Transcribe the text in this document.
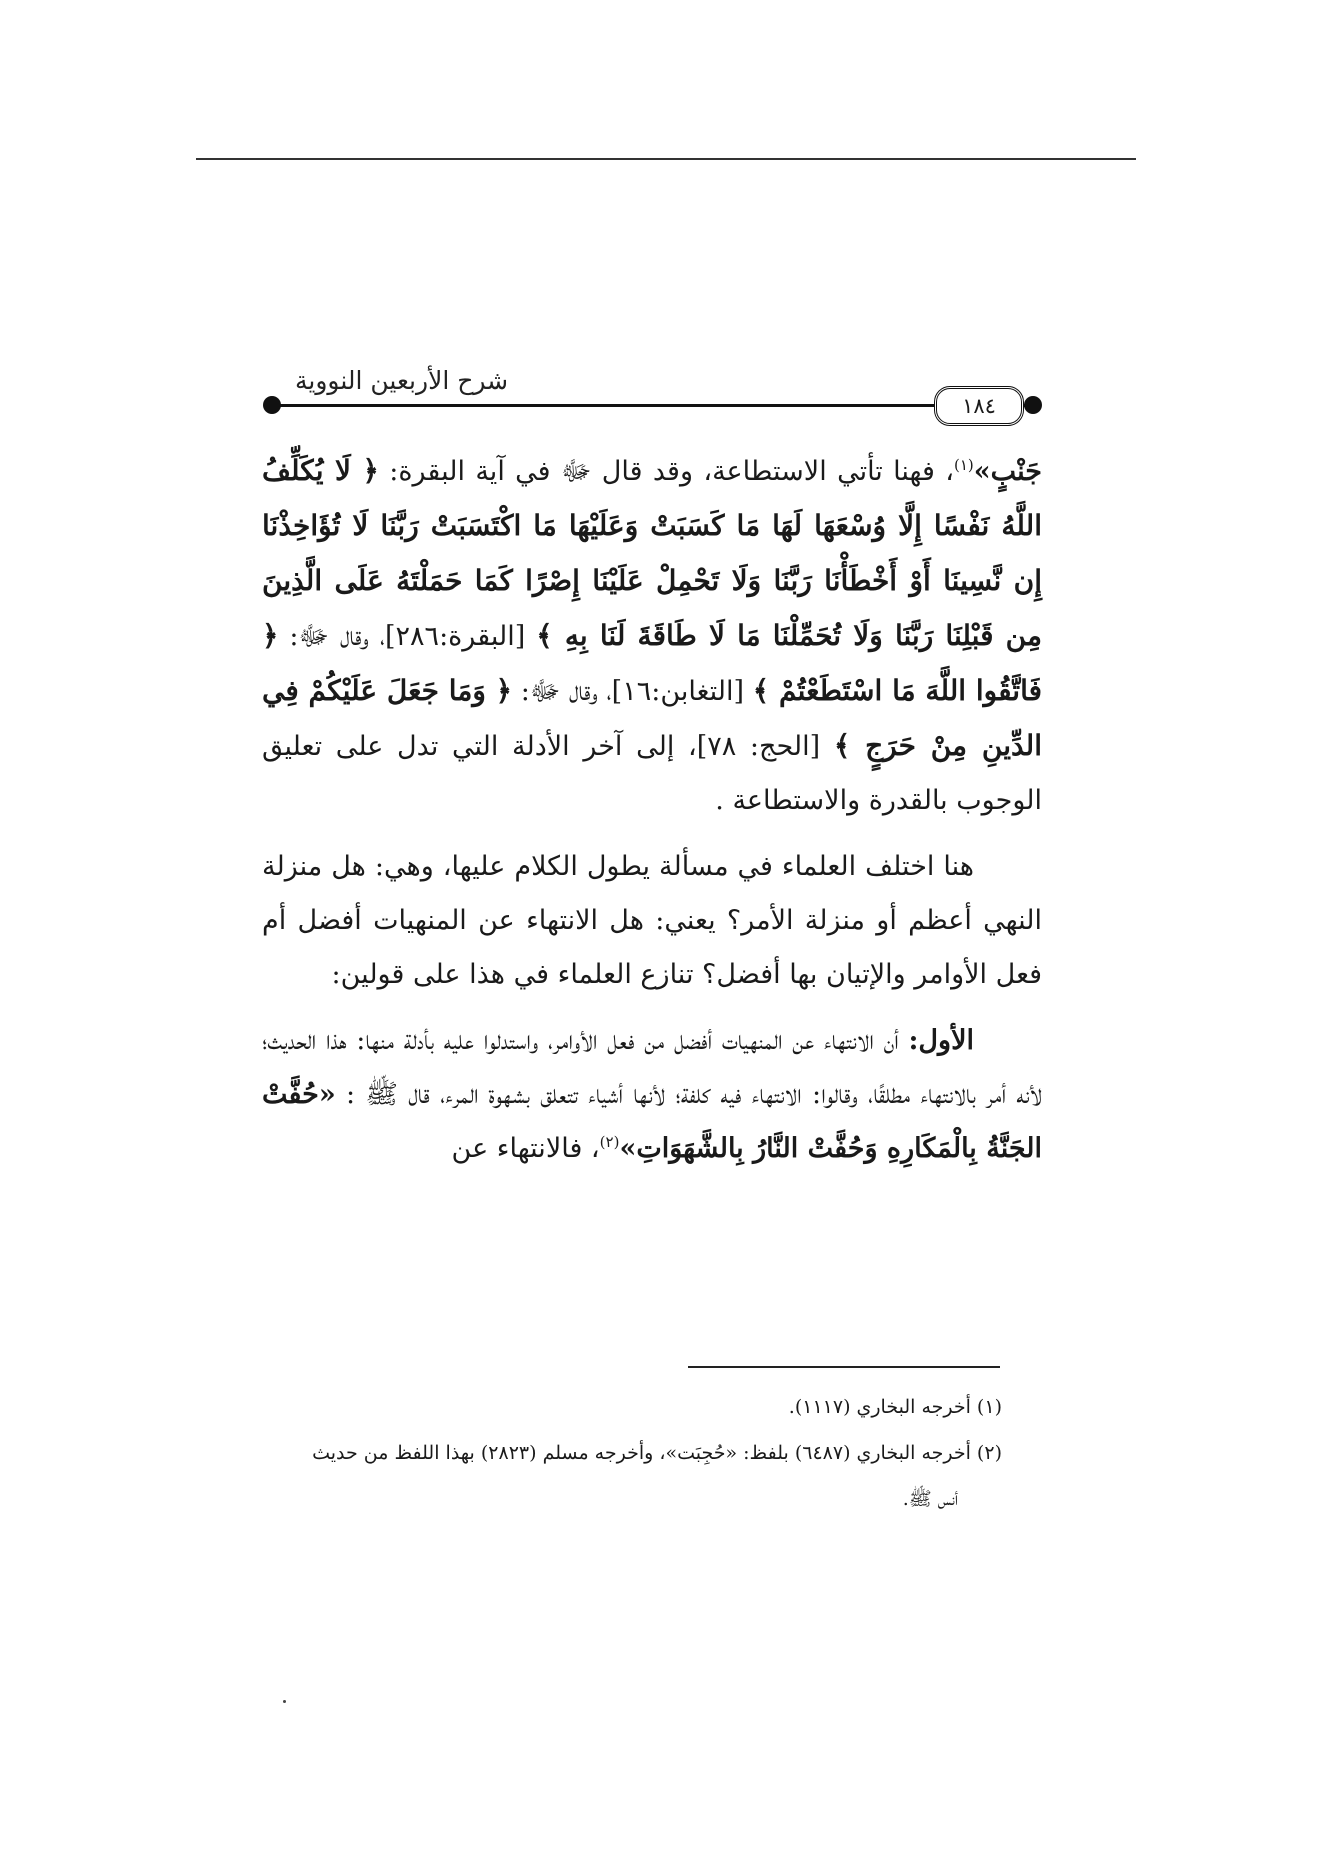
شرح الأربعين النووية
١٨٤

جَنْبٍ»$^{(١)}$، فهنا تأتي الاستطاعة، وقد قال ﷻ في آية البقرة: ﴿ لَا يُكَلِّفُ اللَّهُ نَفْسًا إِلَّا وُسْعَهَا لَهَا مَا كَسَبَتْ وَعَلَيْهَا مَا اكْتَسَبَتْ رَبَّنَا لَا تُؤَاخِذْنَا إِن نَّسِينَا أَوْ أَخْطَأْنَا رَبَّنَا وَلَا تَحْمِلْ عَلَيْنَا إِصْرًا كَمَا حَمَلْتَهُ عَلَى الَّذِينَ مِن قَبْلِنَا رَبَّنَا وَلَا تُحَمِّلْنَا مَا لَا طَاقَةَ لَنَا بِهِ ﴾ [البقرة:٢٨٦]، وقال ﷻ: ﴿ فَاتَّقُوا اللَّهَ مَا اسْتَطَعْتُمْ ﴾ [التغابن:١٦]، وقال ﷻ: ﴿ وَمَا جَعَلَ عَلَيْكُمْ فِي الدِّينِ مِنْ حَرَجٍ ﴾ [الحج: ٧٨]، إلى آخر الأدلة التي تدل على تعليق الوجوب بالقدرة والاستطاعة .

هنا اختلف العلماء في مسألة يطول الكلام عليها، وهي: هل منزلة النهي أعظم أو منزلة الأمر؟ يعني: هل الانتهاء عن المنهيات أفضل أم فعل الأوامر والإتيان بها أفضل؟ تنازع العلماء في هذا على قولين:

الأول: أن الانتهاء عن المنهيات أفضل من فعل الأوامر، واستدلوا عليه بأدلة منها: هذا الحديث؛ لأنه أمر بالانتهاء مطلقًا، وقالوا: الانتهاء فيه كلفة؛ لأنها أشياء تتعلق بشهوة المرء، قال ﷺ : «حُفَّتْ الجَنَّةُ بِالْمَكَارِهِ وَحُفَّتْ النَّارُ بِالشَّهَوَاتِ»$^{(٢)}$، فالانتهاء عن

(١) أخرجه البخاري (١١١٧).

(٢) أخرجه البخاري (٦٤٨٧) بلفظ: «حُجِبَت»، وأخرجه مسلم (٢٨٢٣) بهذا اللفظ من حديث

أنس ﷺ.
